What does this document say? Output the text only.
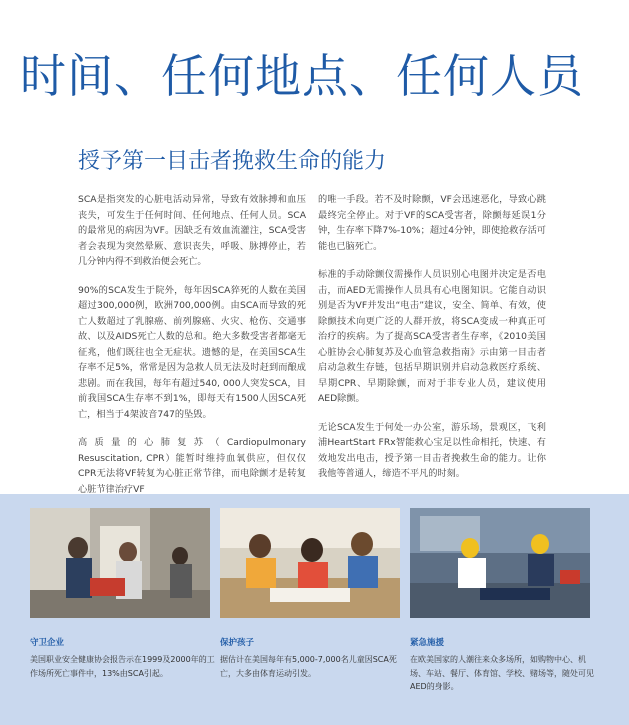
时间、任何地点、任何人员
授予第一目击者挽救生命的能力

SCA是指突发的心脏电活动异常，导致有效脉搏和血压丧失，可发生于任何时间、任何地点、任何人员。SCA的最常见的病因为VF。因缺乏有效血流灌注，SCA受害者会表现为突然晕厥、意识丧失，呼吸、脉搏停止，若几分钟内得不到救治便会死亡。

90%的SCA发生于院外，每年因SCA猝死的人数在美国超过300,000例，欧洲700,000例。由SCA而导致的死亡人数超过了乳腺癌、前列腺癌、火灾、枪伤、交通事故、以及AIDS死亡人数的总和。绝大多数受害者都毫无征兆，他们既往也全无症状。遗憾的是，在美国SCA生存率不足5%，常常是因为急救人员无法及时赶到而酿成悲剧。而在我国，每年有超过540, 000人突发SCA，目前我国SCA生存率不到1%，即每天有1500人因SCA死亡，相当于4架波音747的坠毁。

高质量的心肺复苏（Cardiopulmonary Resuscitation, CPR）能暂时维持血氧供应，但仅仅CPR无法将VF转复为心脏正常节律，而电除颤才是转复心脏节律治疗VF

的唯一手段。若不及时除颤，VF会迅速恶化，导致心跳最终完全停止。对于VF的SCA受害者，除颤每延误1分钟，生存率下降7%-10%；超过4分钟，即使抢救存活可能也已脑死亡。

标准的手动除颤仪需操作人员识别心电图并决定是否电击，而AED无需操作人员具有心电图知识。它能自动识别是否为VF并发出“电击”建议，安全、简单、有效，使除颤技术向更广泛的人群开放，将SCA变成一种真正可治疗的疾病。为了提高SCA受害者生存率，《2010美国心脏协会心肺复苏及心血管急救指南》示由第一目击者启动急救生存链，包括早期识别并启动急救医疗系统、早期CPR、早期除颤，而对于非专业人员，建议使用AED除颤。

无论SCA发生于何处一办公室，游乐场，景观区，飞利浦HeartStart FRx智能救心宝足以性命相托，快速、有效地发出电击，授予第一目击者挽救生命的能力。让你我他等普通人，缔造不平凡的时刻。

守卫企业
美国职业安全健康协会报告示在1999及2000年的工作场所死亡事件中，13%由SCA引起。
保护孩子
据估计在美国每年有5,000-7,000名儿童因SCA死亡，大多由体育运动引发。
紧急施援
在欧美国家的人潮往来众多场所，如购物中心、机场、车站、餐厅、体育馆、学校、赌场等，随处可见AED的身影。
